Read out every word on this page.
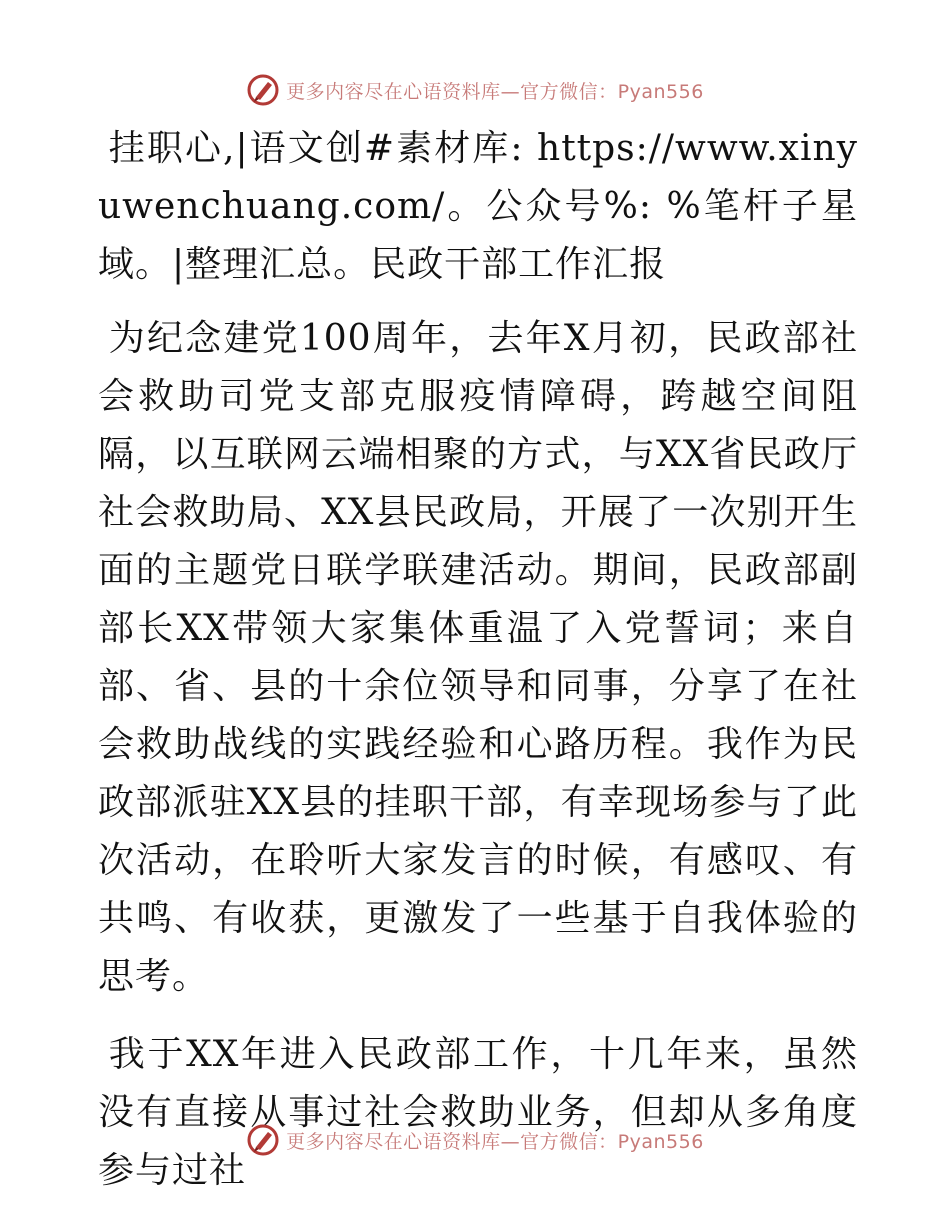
更多内容尽在心语资料库—官方微信：Pyan556

挂职心,|语文创#素材库: https://www.xinyuwenchuang.com/。公众号%: %笔杆子星域。|整理汇总。民政干部工作汇报

为纪念建党100周年，去年X月初，民政部社会救助司党支部克服疫情障碍，跨越空间阻隔，以互联网云端相聚的方式，与XX省民政厅社会救助局、XX县民政局，开展了一次别开生面的主题党日联学联建活动。期间，民政部副部长XX带领大家集体重温了入党誓词；来自部、省、县的十余位领导和同事，分享了在社会救助战线的实践经验和心路历程。我作为民政部派驻XX县的挂职干部，有幸现场参与了此次活动，在聆听大家发言的时候，有感叹、有共鸣、有收获，更激发了一些基于自我体验的思考。

我于XX年进入民政部工作，十几年来，虽然没有直接从事过社会救助业务，但却从多角度参与过社

更多内容尽在心语资料库—官方微信：Pyan556
